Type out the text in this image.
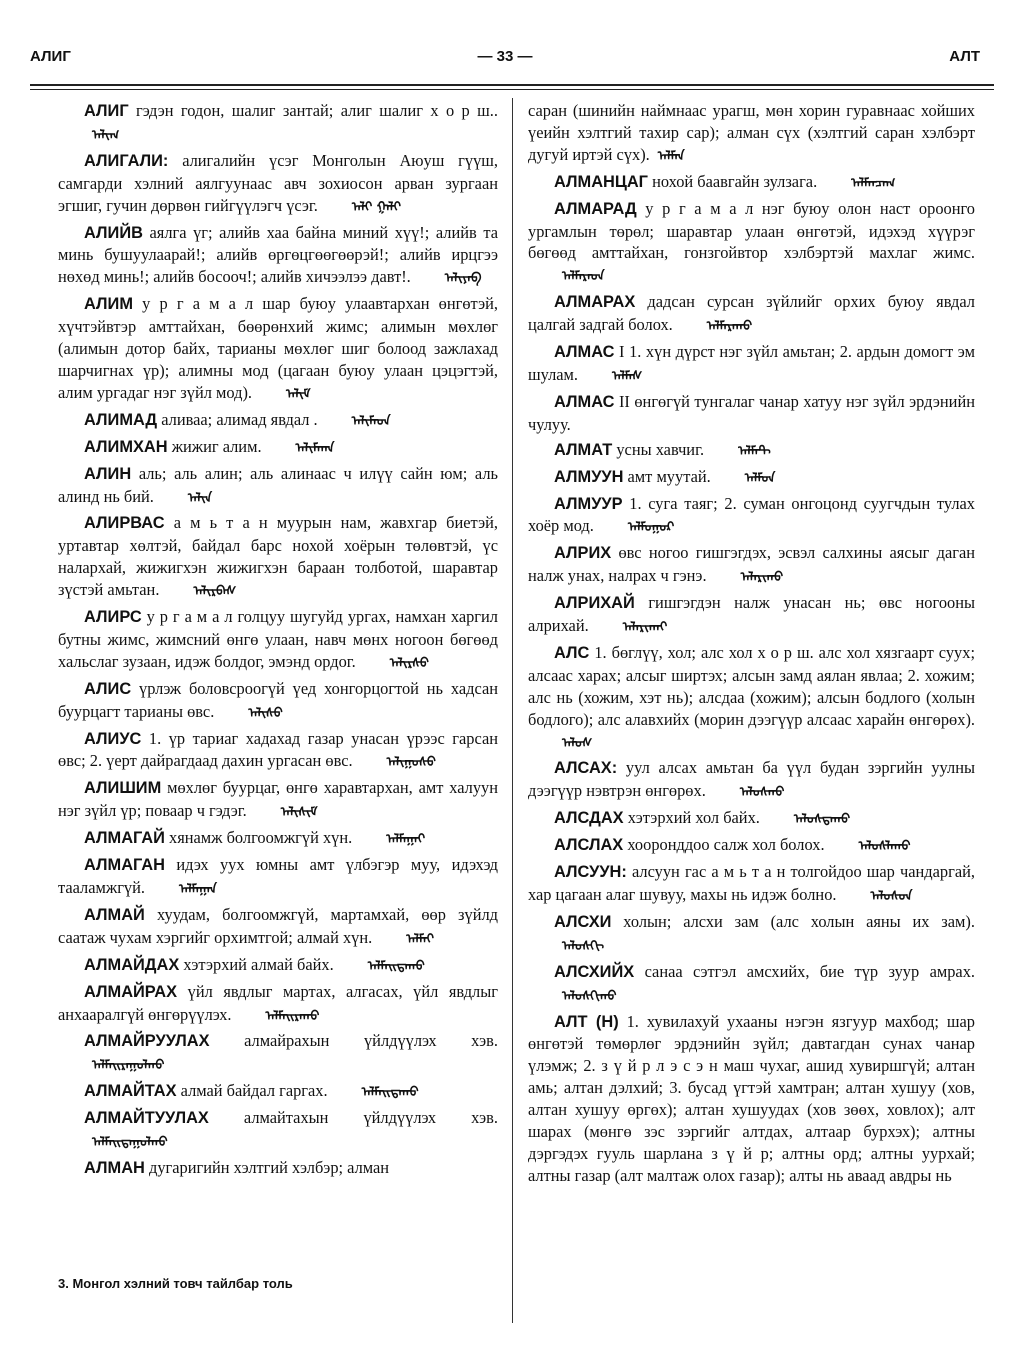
АЛИГ	— 33 —	АЛТ

АЛИГ гэдэн годон, шалиг зантай; алиг шалиг х о р ш..ᠠᠯᠢᠭ

АЛИГАЛИ: алигалийн үсэг Монголын Аюуш гүүш, самгарди хэлний аялгуунаас авч зохиосон арван зургаан эгшиг, гучин дөрвөн гийгүүлэгч үсэг.	ᠠᠯᠢ ᠭᠠᠯᠢ

АЛИЙВ аялга үг; алийв хаа байна миний хүү!; алийв та минь бушуулаарай!; алийв өргөцгөөгөөрэй!; алийв ирцгээ нөхөд минь!; алийв босооч!; алийв хичээлээ давт!.	ᠠᠯᠢᠶᠠᠪ

АЛИМ у р г а м а л шар буюу улаавтархан өнгөтэй, хүчтэйвтэр амттайхан, бөөрөнхий жимс; алимын мөхлөг (алимын дотор байх, тарианы мөхлөг шиг болоод зажлахад шарчигнах үр); алимны мод (цагаан буюу улаан цэцэгтэй, алим ургадаг нэг зүйл мод).	ᠠᠯᠢᠮ

АЛИМАД аливаа; алимад явдал .	ᠠᠯᠢᠮᠠᠳ

АЛИМХАН жижиг алим.	ᠠᠯᠢᠮᠬᠠᠨ

АЛИН аль; аль алин; аль алинаас ч илүү сайн юм; аль алинд нь бий.	ᠠᠯᠢᠨ

АЛИРВАС а м ь т а н муурын нам, жавхгар биетэй, уртавтар хөлтэй, байдал барс нохой хоёрын төлөвтэй, үс налархай, жижигхэн жижигхэн бараан толботой, шаравтар зүстэй амьтан.	ᠠᠯᠢᠷᠪᠠᠰ

АЛИРС у р г а м а л голцуу шугуйд ургах, намхан харгил бутны жимс, жимсний өнгө улаан, навч мөнх ногоон бөгөөд хальслаг зузаан, идэж болдог, эмэнд ордог.	ᠠᠯᠢᠷᠰᠤ

АЛИС үрлэж боловсроогүй үед хонгорцогтой нь хадсан буурцагт тарианы өвс.	ᠠᠯᠢᠰᠤ

АЛИУС 1. үр тариаг хадахад газар унасан үрээс гарсан өвс; 2. үерт дайрагдаад дахин ургасан өвс.	ᠠᠯᠢᠭᠤᠰᠤ

АЛИШИМ мөхлөг буурцаг, өнгө харавтархан, амт халуун нэг зүйл үр; поваар ч гэдэг.	ᠠᠯᠢᠱᠢᠮ

АЛМАГАЙ хянамж болгоомжгүй хүн.	ᠠᠯᠮᠠᠭᠠᠢ

АЛМАГАН идэх уух юмны амт үлбэгэр муу, идэхэд тааламжгүй.	ᠠᠯᠮᠠᠭᠠᠨ

АЛМАЙ хуудам, болгоомжгүй, мартамхай, өөр зүйлд саатаж чухам хэргийг орхимтгой; алмай хүн.	ᠠᠯᠮᠠᠢ

АЛМАЙДАХ хэтэрхий алмай байх.	ᠠᠯᠮᠠᠢᠳᠠᠬᠤ

АЛМАЙРАХ үйл явдлыг мартах, алгасах, үйл явдлыг анхааралгүй өнгөрүүлэх.	ᠠᠯᠮᠠᠢᠷᠠᠬᠤ

АЛМАЙРУУЛАХ алмайрахын үйлдүүлэх хэв.ᠠᠯᠮᠠᠢᠷᠠᠭᠤᠯᠬᠤ

АЛМАЙТАХ алмай байдал гаргах.	ᠠᠯᠮᠠᠢᠲᠠᠬᠤ

АЛМАЙТУУЛАХ алмайтахын үйлдүүлэх хэв.ᠠᠯᠮᠠᠢᠲᠠᠭᠤᠯᠬᠤ

АЛМАН дугаригийн хэлтгий хэлбэр; алман

саран (шинийн наймнаас урагш, мөн хорин гуравнаас хойших үеийн хэлтгий тахир сар); алман сүх (хэлтгий саран хэлбэрт дугуй иртэй сүх). ᠠᠯᠮᠠᠨ

АЛМАНЦАГ нохой баавгайн зулзага.	ᠠᠯᠮᠠᠨᠴᠠᠭ

АЛМАРАД у р г а м а л нэг буюу олон наст ороонго ургамлын төрөл; шаравтар улаан өнгөтэй, идэхэд хүүрэг бөгөөд амттайхан, гонзгойвтор хэлбэртэй махлаг жимс.ᠠᠯᠮᠠᠷᠠᠳ

АЛМАРАХ дадсан сурсан зүйлийг орхих буюу явдал цалгай задгай болох.	ᠠᠯᠮᠠᠷᠠᠬᠤ

АЛМАС I 1. хүн дүрст нэг зүйл амьтан; 2. ардын домогт эм шулам.	ᠠᠯᠮᠠᠰ

АЛМАС II өнгөгүй тунгалаг чанар хатуу нэг зүйл эрдэнийн чулуу.

АЛМАТ усны хавчиг.	ᠠᠯᠮᠠᠲ

АЛМУУН амт муутай.	ᠠᠯᠮᠤᠨ

АЛМУУР 1. суга таяг; 2. суман онгоцонд суугчдын тулах хоёр мод.	ᠠᠯᠮᠤᠭᠤᠷ

АЛРИХ өвс ногоо гишгэгдэх, эсвэл салхины аясыг даган налж унах, налрах ч гэнэ.	ᠠᠯᠠᠷᠢᠬᠤ

АЛРИХАЙ гишгэгдэн налж унасан нь; өвс ногооны алрихай.	ᠠᠯᠠᠷᠢᠬᠠᠢ

АЛС 1. бөглүү, хол; алс хол х о р ш. алс хол хязгаарт суух; алсаас харах; алсыг ширтэх; алсын замд аялан явлаа; 2. хожим; алс нь (хожим, хэт нь); алсдаа (хожим); алсын бодлого (холын бодлого); алс алавхийх (морин дээгүүр алсаас харайн өнгөрөх).ᠠᠯᠤᠰ

АЛСАХ: уул алсах амьтан ба үүл будан зэргийн уулны дээгүүр нэвтрэн өнгөрөх.	ᠠᠯᠤᠰᠬᠤ

АЛСДАХ хэтэрхий хол байх.	ᠠᠯᠤᠰᠳᠠᠬᠤ

АЛСЛАХ хооронддоо салж хол болох.	ᠠᠯᠤᠰᠯᠠᠬᠤ

АЛСУУН: алсуун гас а м ь т а н толгойдоо шар чандаргай, хар цагаан алаг шувуу, махы нь идэж болно.	ᠠᠯᠤᠰᠤᠨ

АЛСХИ холын; алсхи зам (алс холын аяны их зам).ᠠᠯᠤᠰᠬᠢ

АЛСХИЙХ санаа сэтгэл амсхийх, бие түр зуур амрах.ᠠᠯᠤᠰᠬᠢᠬᠤ

АЛТ (Н) 1. хувилахуй ухааны нэгэн язгуур махбод; шар өнгөтэй төмөрлөг эрдэнийн зүйл; давтагдан сунах чанар үлэмж; 2. з ү й р л э с э н маш чухаг, ашид хувиршгүй; алтан амь; алтан дэлхий; 3. бусад үгтэй хамтран; алтан хушуу (хов, алтан хушуу өргөх); алтан хушуудах (хов зөөх, ховлох); алт шарах (мөнгө зэс зэргийг алтдах, алтаар бурхэх); алтны дэргэдэх гууль шарлана з ү й р; алтны орд; алтны уурхай; алтны газар (алт малтаж олох газар); алты нь аваад авдры нь

3. Монгол хэлний товч тайлбар толь
